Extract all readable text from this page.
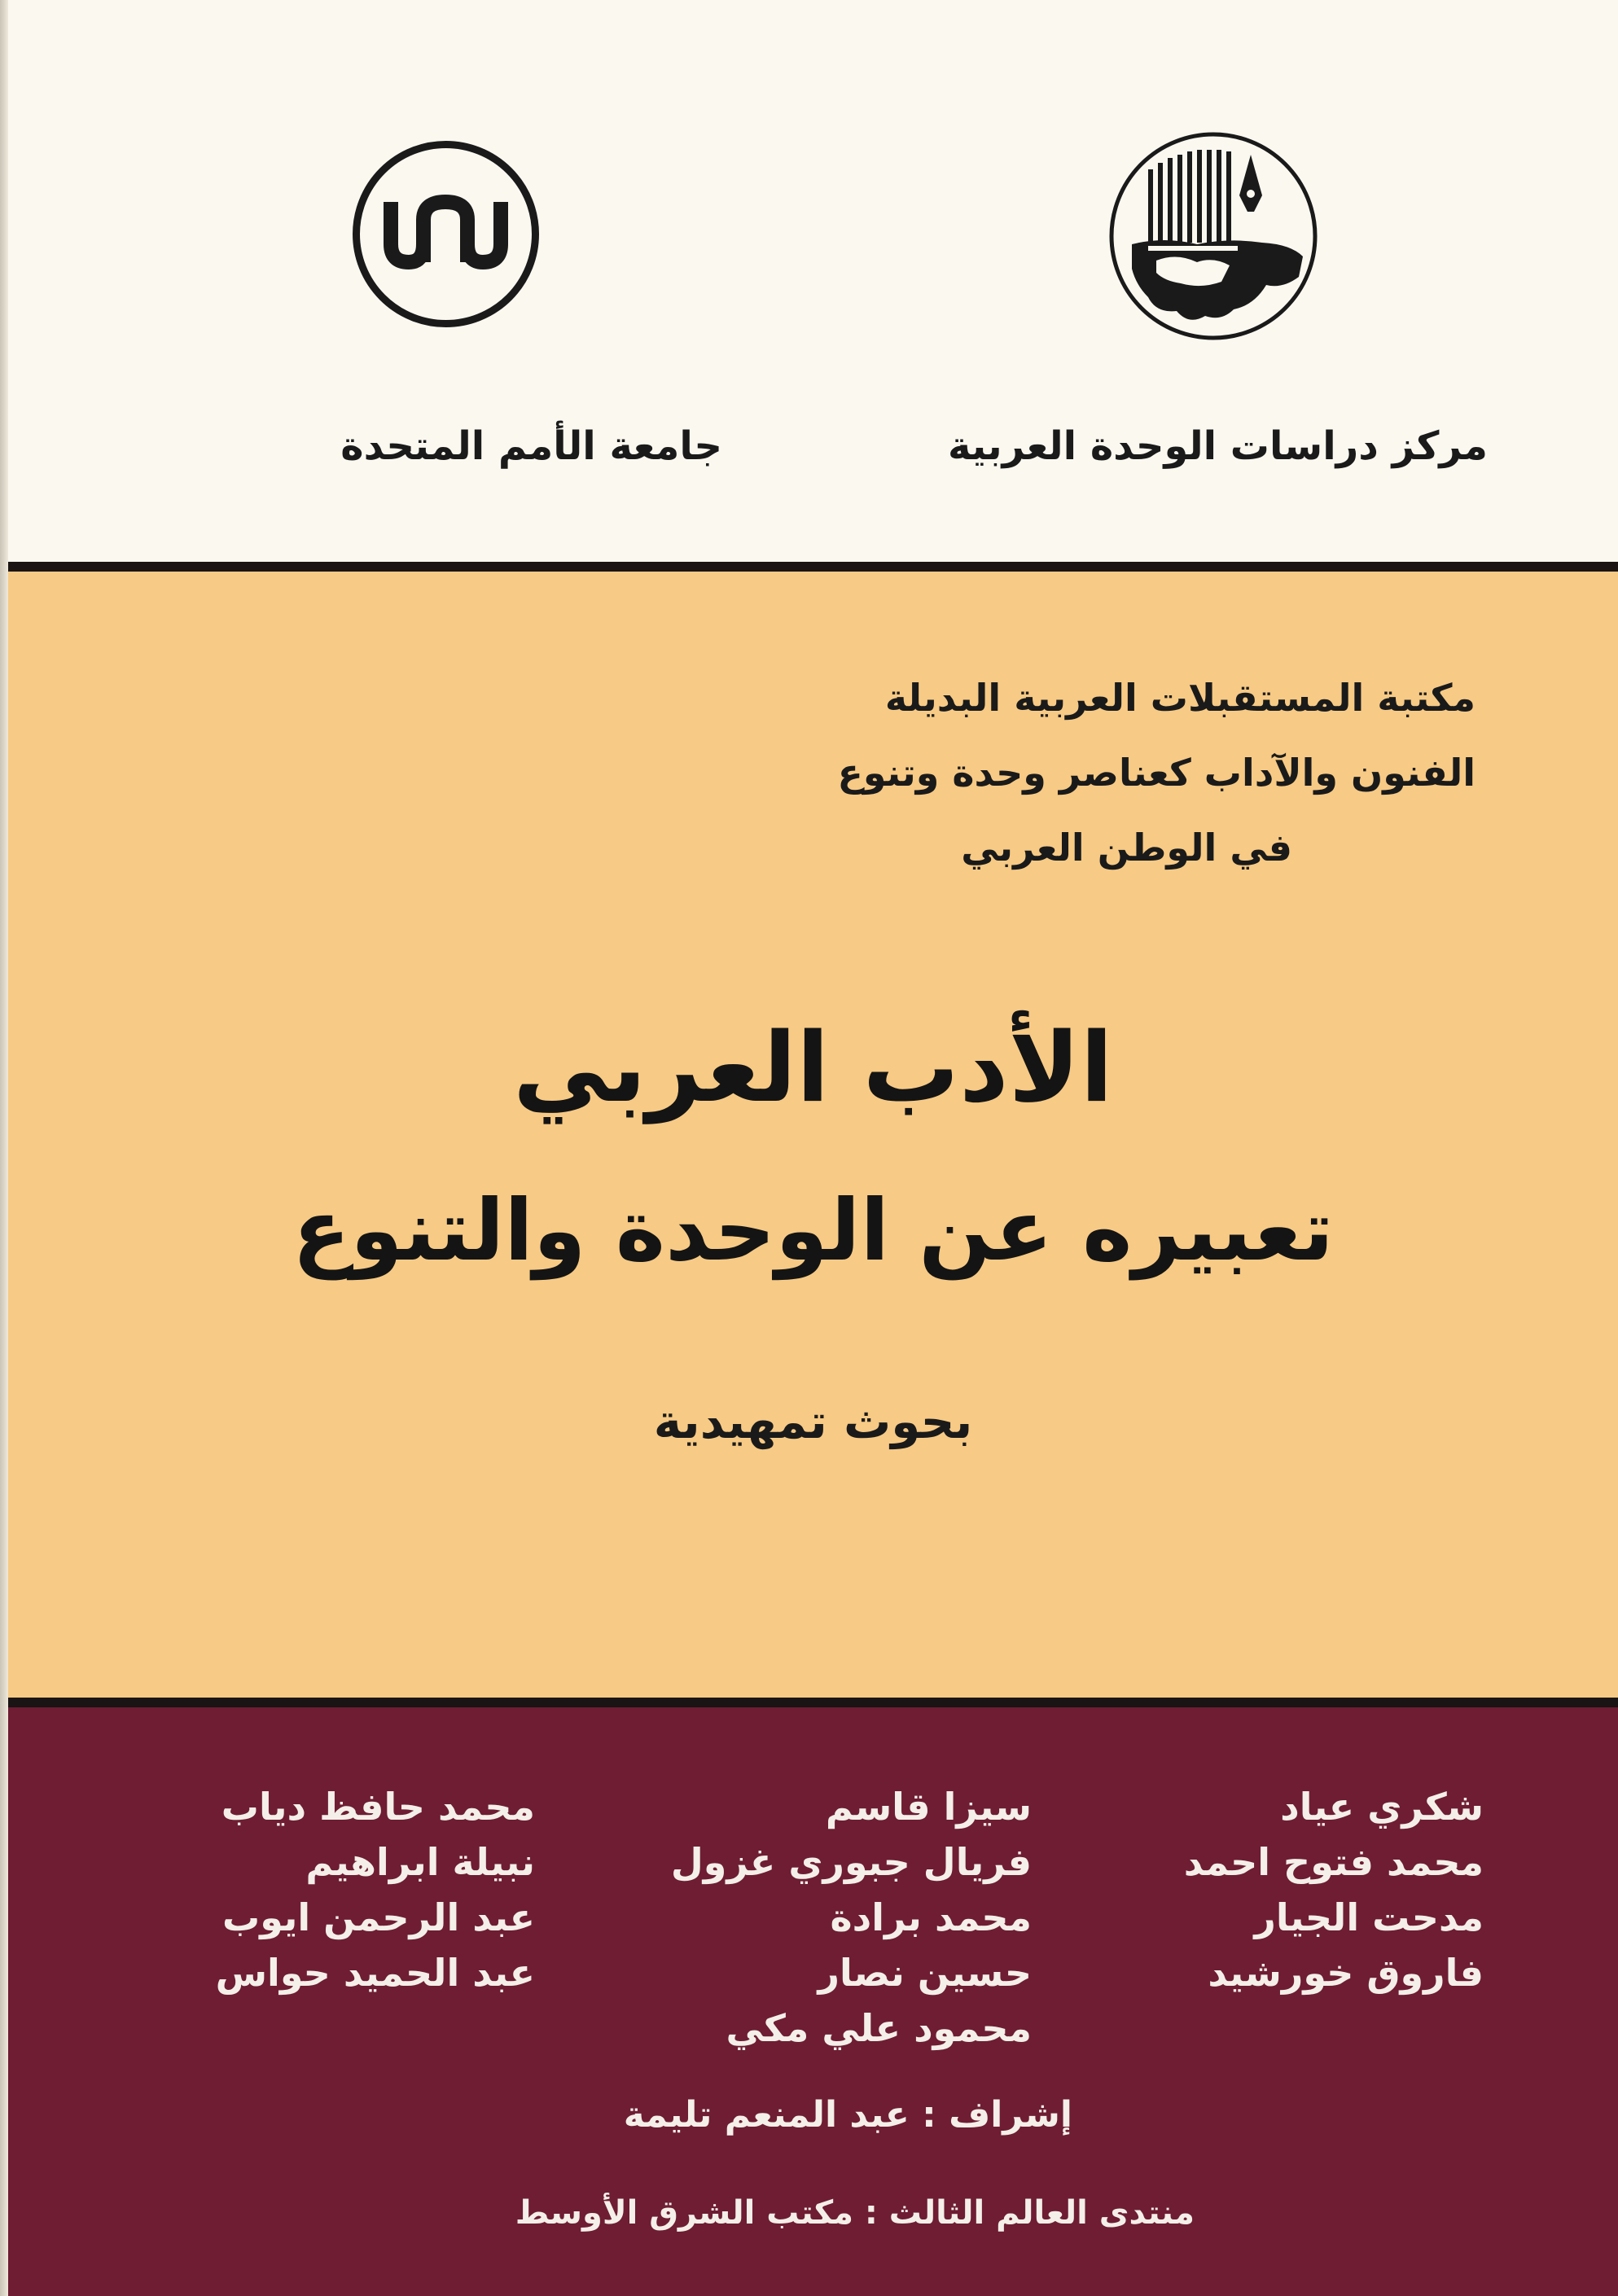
مركز دراسات الوحدة العربية
جامعة الأمم المتحدة
مكتبة المستقبلات العربية البديلة
الفنون والآداب كعناصر وحدة وتنوع
في الوطن العربي
الأدب العربي
تعبيره عن الوحدة والتنوع
بحوث تمهيدية
شكري عياد
محمد فتوح احمد
مدحت الجيار
فاروق خورشيد
سيزا قاسم
فريال جبوري غزول
محمد برادة
حسين نصار
محمود علي مكي
محمد حافظ دياب
نبيلة ابراهيم
عبد الرحمن ايوب
عبد الحميد حواس
إشراف : عبد المنعم تليمة
منتدى العالم الثالث : مكتب الشرق الأوسط
